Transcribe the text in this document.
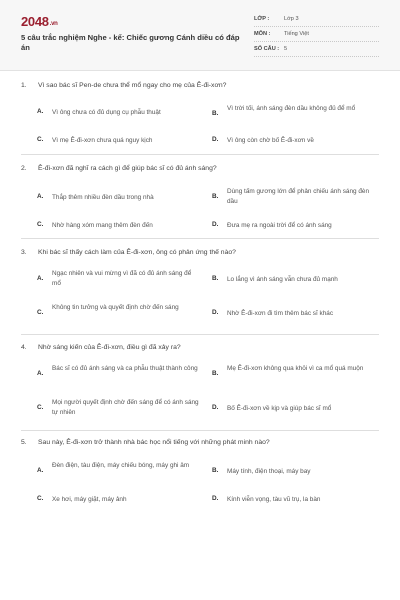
2048.vn
5 câu trắc nghiệm Nghe - kể: Chiếc gương Cánh diều có đáp án
LỚP :	Lớp 3
MÔN : Tiếng Việt
SỐ CÂU : 5
1. Vì sao bác sĩ Pen-de chưa thể mổ ngay cho mẹ của Ê-đi-xơn?
A. Vì ông chưa có đủ dụng cụ phẫu thuật	B.
Vì trời tối, ánh sáng đèn dầu không đủ để mổ
C. Vì mẹ Ê-đi-xơn chưa quá nguy kịch	D. Vì ông còn chờ bố Ê-đi-xơn về
2. Ê-đi-xơn đã nghĩ ra cách gì để giúp bác sĩ có đủ ánh sáng?
A. Thắp thêm nhiều đèn dầu trong nhà	B.
Dùng tấm gương lớn để phản chiếu ánh sáng đèn dầu
C. Nhờ hàng xóm mang thêm đèn đến	D. Đưa mẹ ra ngoài trời để có ánh sáng
3. Khi bác sĩ thấy cách làm của Ê-đi-xơn, ông có phản ứng thế nào?
A.
Ngạc nhiên và vui mừng vì đã có đủ ánh sáng để mổ
B. Lo lắng vì ánh sáng vẫn chưa đủ mạnh
C.
Không tin tưởng và quyết định chờ đến sáng
D. Nhờ Ê-đi-xơn đi tìm thêm bác sĩ khác
4. Nhờ sáng kiến của Ê-đi-xơn, điều gì đã xảy ra?
A.
Bác sĩ có đủ ánh sáng và ca phẫu thuật thành công
B.
Mẹ Ê-đi-xơn không qua khỏi vì ca mổ quá muộn
C.
Mọi người quyết định chờ đến sáng để có ánh sáng tự nhiên
D. Bố Ê-đi-xơn về kịp và giúp bác sĩ mổ
5. Sau này, Ê-đi-xơn trở thành nhà bác học nổi tiếng với những phát minh nào?
A.
Đèn điện, tàu điện, máy chiếu bóng, máy ghi âm
B. Máy tính, điện thoại, máy bay
C. Xe hơi, máy giặt, máy ảnh	D. Kính viễn vọng, tàu vũ trụ, la bàn
